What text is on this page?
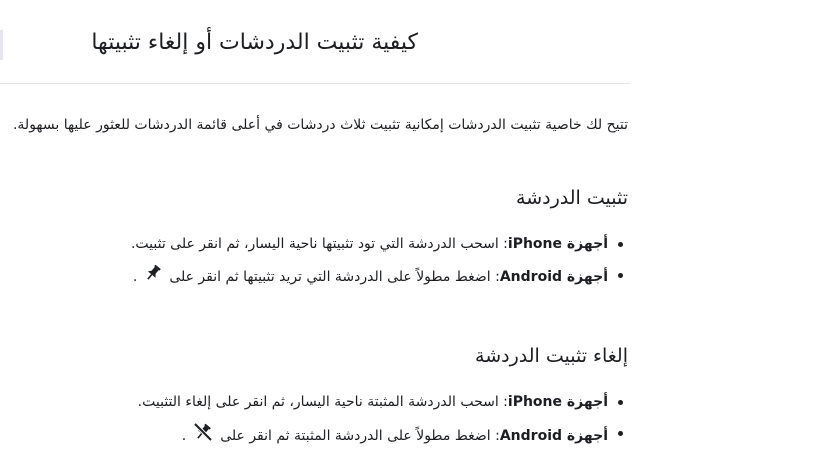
كيفية تثبيت الدردشات أو إلغاء تثبيتها

تتيح لك خاصية تثبيت الدردشات إمكانية تثبيت ثلاث دردشات في أعلى قائمة الدردشات للعثور عليها بسهولة.

تثبيت الدردشة
أجهزة iPhone: اسحب الدردشة التي تود تثبيتها ناحية اليسار، ثم انقر على تثبيت.
أجهزة Android: اضغط مطولاً على الدردشة التي تريد تثبيتها ثم انقر على.
إلغاء تثبيت الدردشة
أجهزة iPhone: اسحب الدردشة المثبتة ناحية اليسار، ثم انقر على إلغاء التثبيت.
أجهزة Android: اضغط مطولاً على الدردشة المثبتة ثم انقر على.
